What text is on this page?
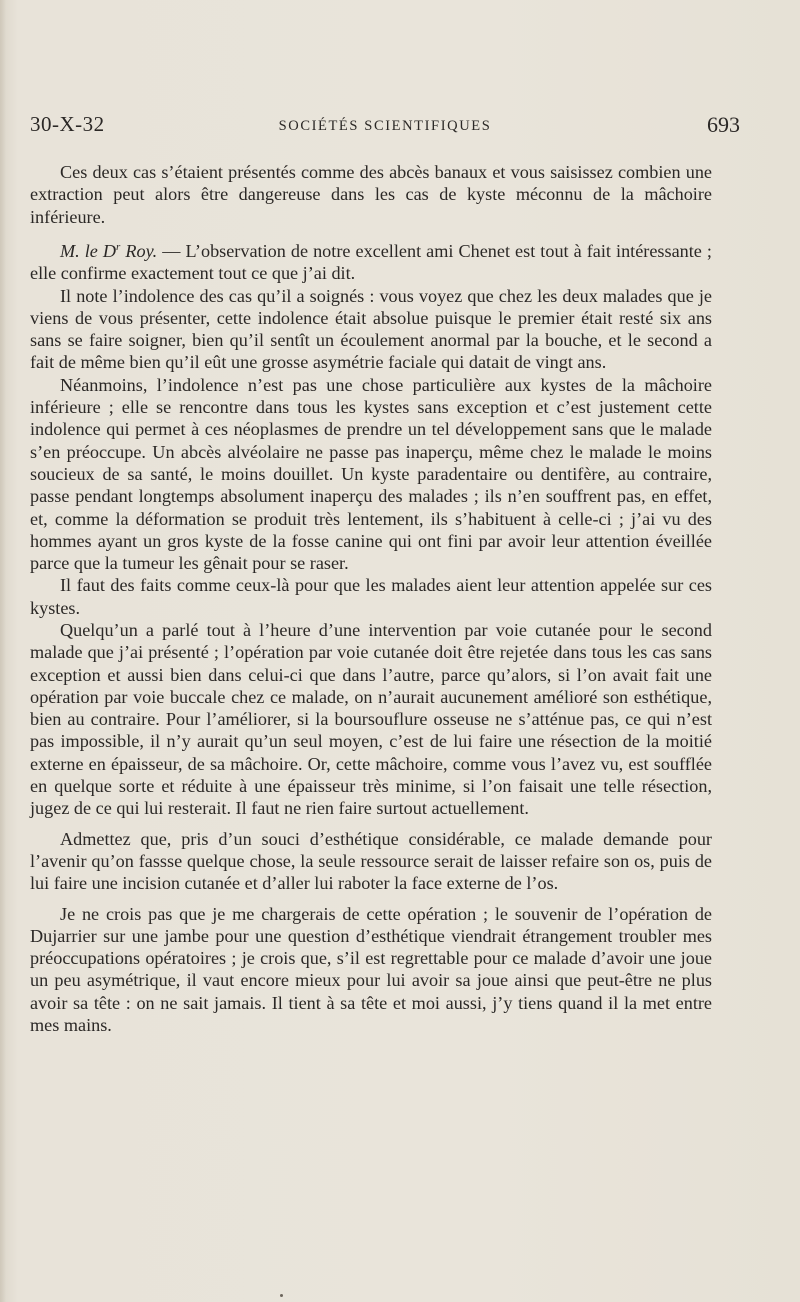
30-X-32	SOCIÉTÉS SCIENTIFIQUES	693

Ces deux cas s’étaient présentés comme des abcès banaux et vous saisissez combien une extraction peut alors être dangereuse dans les cas de kyste méconnu de la mâchoire inférieure.

M. le $D^r$ Roy. — L’observation de notre excellent ami Chenet est tout à fait intéressante ; elle confirme exactement tout ce que j’ai dit.

Il note l’indolence des cas qu’il a soignés : vous voyez que chez les deux malades que je viens de vous présenter, cette indolence était absolue puisque le premier était resté six ans sans se faire soigner, bien qu’il sentît un écoulement anormal par la bouche, et le second a fait de même bien qu’il eût une grosse asymétrie faciale qui datait de vingt ans.

Néanmoins, l’indolence n’est pas une chose particulière aux kystes de la mâchoire inférieure ; elle se rencontre dans tous les kystes sans exception et c’est justement cette indolence qui permet à ces néoplasmes de prendre un tel développement sans que le malade s’en préoccupe. Un abcès alvéolaire ne passe pas inaperçu, même chez le malade le moins soucieux de sa santé, le moins douillet. Un kyste paradentaire ou dentifère, au contraire, passe pendant longtemps absolument inaperçu des malades ; ils n’en souffrent pas, en effet, et, comme la déformation se produit très lentement, ils s’habituent à celle-ci ; j’ai vu des hommes ayant un gros kyste de la fosse canine qui ont fini par avoir leur attention éveillée parce que la tumeur les gênait pour se raser.

Il faut des faits comme ceux-là pour que les malades aient leur attention appelée sur ces kystes.

Quelqu’un a parlé tout à l’heure d’une intervention par voie cutanée pour le second malade que j’ai présenté ; l’opération par voie cutanée doit être rejetée dans tous les cas sans exception et aussi bien dans celui-ci que dans l’autre, parce qu’alors, si l’on avait fait une opération par voie buccale chez ce malade, on n’aurait aucunement amélioré son esthétique, bien au contraire. Pour l’améliorer, si la boursouflure osseuse ne s’atténue pas, ce qui n’est pas impossible, il n’y aurait qu’un seul moyen, c’est de lui faire une résection de la moitié externe en épaisseur, de sa mâchoire. Or, cette mâchoire, comme vous l’avez vu, est soufflée en quelque sorte et réduite à une épaisseur très minime, si l’on faisait une telle résection, jugez de ce qui lui resterait. Il faut ne rien faire surtout actuellement.

Admettez que, pris d’un souci d’esthétique considérable, ce malade demande pour l’avenir qu’on fassse quelque chose, la seule ressource serait de laisser refaire son os, puis de lui faire une incision cutanée et d’aller lui raboter la face externe de l’os.

Je ne crois pas que je me chargerais de cette opération ; le souvenir de l’opération de Dujarrier sur une jambe pour une question d’esthétique viendrait étrangement troubler mes préoccupations opératoires ; je crois que, s’il est regrettable pour ce malade d’avoir une joue un peu asymétrique, il vaut encore mieux pour lui avoir sa joue ainsi que peut-être ne plus avoir sa tête : on ne sait jamais. Il tient à sa tête et moi aussi, j’y tiens quand il la met entre mes mains.
